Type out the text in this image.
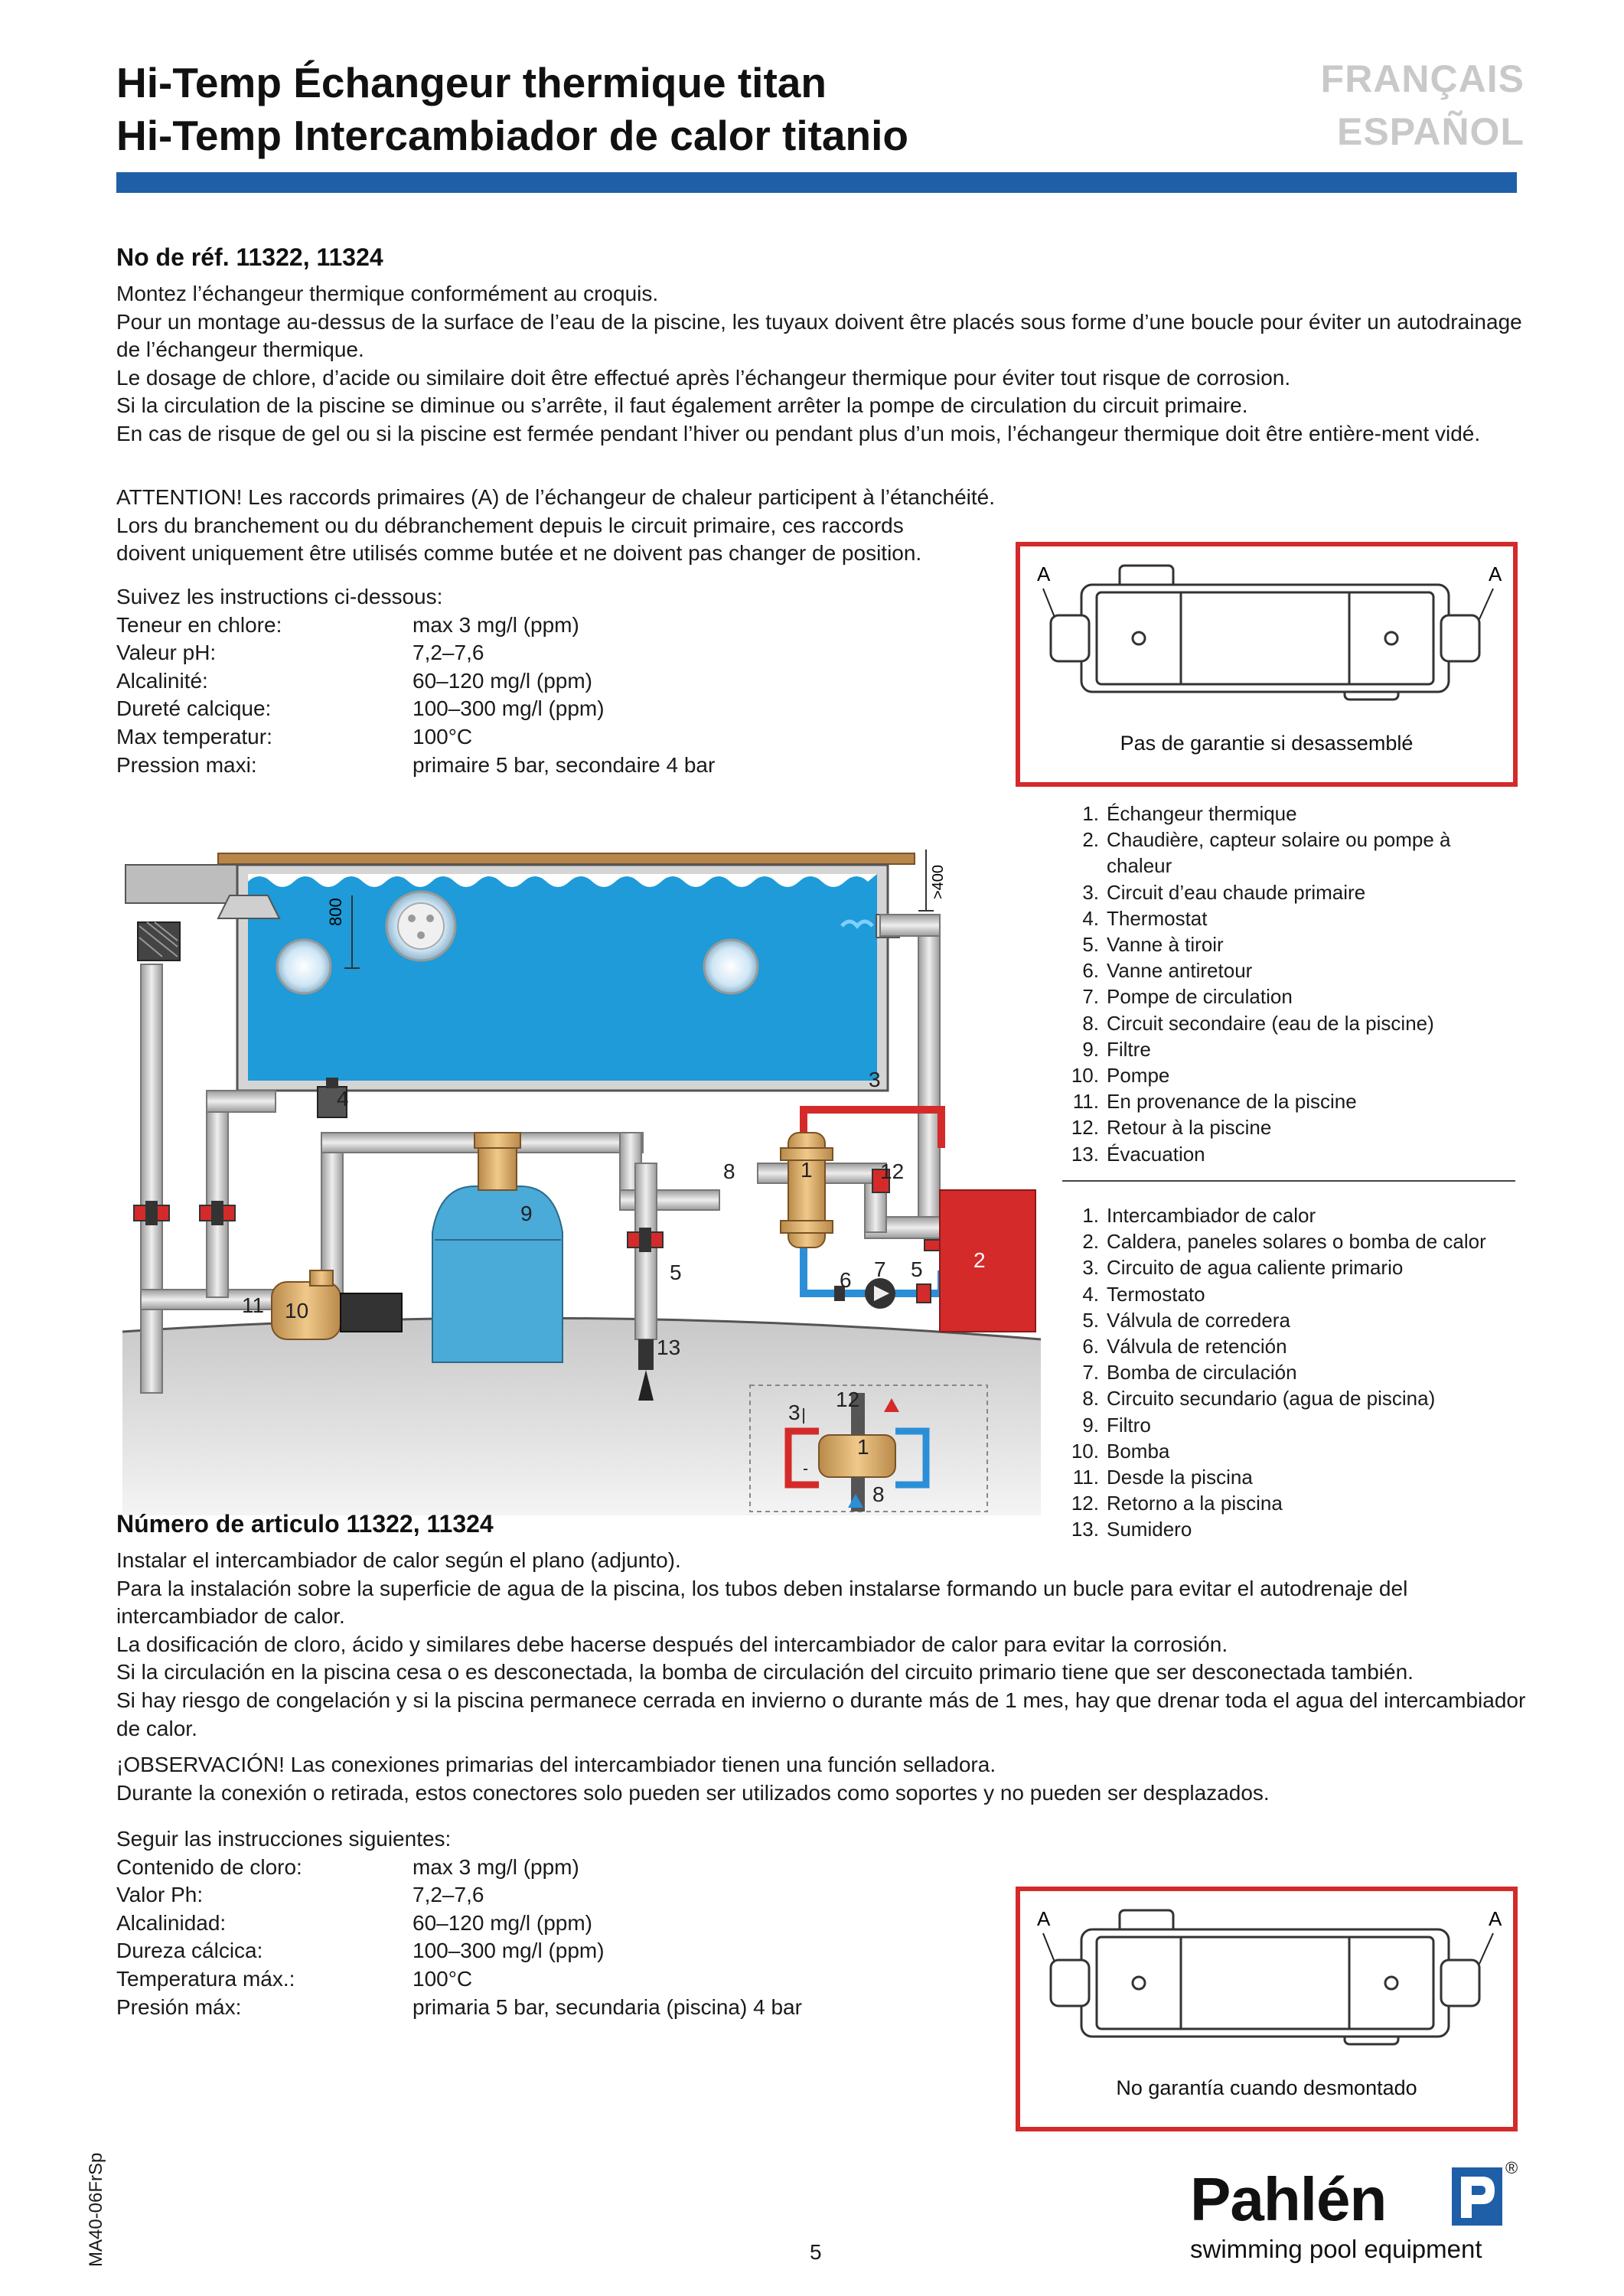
Hi-Temp Échangeur thermique titan
Hi-Temp Intercambiador de calor titanio
FRANÇAIS
ESPAÑOL
No de réf. 11322, 11324

Montez l’échangeur thermique conformément au croquis.

Pour un montage au-dessus de la surface de l’eau de la piscine, les tuyaux doivent être placés sous forme d’une boucle pour éviter un autodrainage de l’échangeur thermique.

Le dosage de chlore, d’acide ou similaire doit être effectué après l’échangeur thermique pour éviter tout risque de corrosion.

Si la circulation de la piscine se diminue ou s’arrête, il faut également arrêter la pompe de circulation du circuit primaire.

En cas de risque de gel ou si la piscine est fermée pendant l’hiver ou pendant plus d’un mois, l’échangeur thermique doit être entière-ment vidé.

ATTENTION! Les raccords primaires (A) de l’échangeur de chaleur participent à l’étanchéité.

Lors du branchement ou du débranchement depuis le circuit primaire, ces raccords

doivent uniquement être utilisés comme butée et ne doivent pas changer de position.

Suivez les instructions ci-dessous:
Teneur en chlore:	max 3 mg/l (ppm)
Valeur pH:	7,2–7,6
Alcalinité:	60–120 mg/l (ppm)
Dureté calcique:	100–300 mg/l (ppm)
Max temperatur:	100°C
Pression maxi:	primaire 5 bar, secondaire 4 bar
A	A
Pas de garantie si desassemblé
1. Échangeur thermique
2. Chaudière, capteur solaire ou pompe à chaleur
3. Circuit d’eau chaude primaire
4. Thermostat
5. Vanne à tiroir
6. Vanne antiretour
7. Pompe de circulation
8. Circuit secondaire (eau de la piscine)
9. Filtre
10. Pompe
11. En provenance de la piscine
12. Retour à la piscine
13. Évacuation
1. Intercambiador de calor
2. Caldera, paneles solares o bomba de calor
3. Circuito de agua caliente primario
4. Termostato
5. Válvula de corredera
6. Válvula de retención
7. Bomba de circulación
8. Circuito secundario (agua de piscina)
9. Filtro
10. Bomba
11. Desde la piscina
12. Retorno a la piscina
13. Sumidero
800
>400
4
9
5
13
11 10
8	1	12
3
2
6 7 5
3
12
1
8
Número de articulo 11322, 11324

Instalar el intercambiador de calor según el plano (adjunto).

Para la instalación sobre la superficie de agua de la piscina, los tubos deben instalarse formando un bucle para evitar el autodrenaje del intercambiador de calor.

La dosificación de cloro, ácido y similares debe hacerse después del intercambiador de calor para evitar la corrosión.

Si la circulación en la piscina cesa o es desconectada, la bomba de circulación del circuito primario tiene que ser desconectada también.

Si hay riesgo de congelación y si la piscina permanece cerrada en invierno o durante más de 1 mes, hay que drenar toda el agua del intercambiador de calor.

¡OBSERVACIÓN! Las conexiones primarias del intercambiador tienen una función selladora.

Durante la conexión o retirada, estos conectores solo pueden ser utilizados como soportes y no pueden ser desplazados.

Seguir las instrucciones siguientes:
Contenido de cloro:	max 3 mg/l (ppm)
Valor Ph:	7,2–7,6
Alcalinidad:	60–120 mg/l (ppm)
Dureza cálcica:	100–300 mg/l (ppm)
Temperatura máx.:	100°C
Presión máx:	primaria 5 bar, secundaria (piscina) 4 bar
A	A
No garantía cuando desmontado
MA40-06FrSp	5
Pahlén	®
swimming pool equipment
